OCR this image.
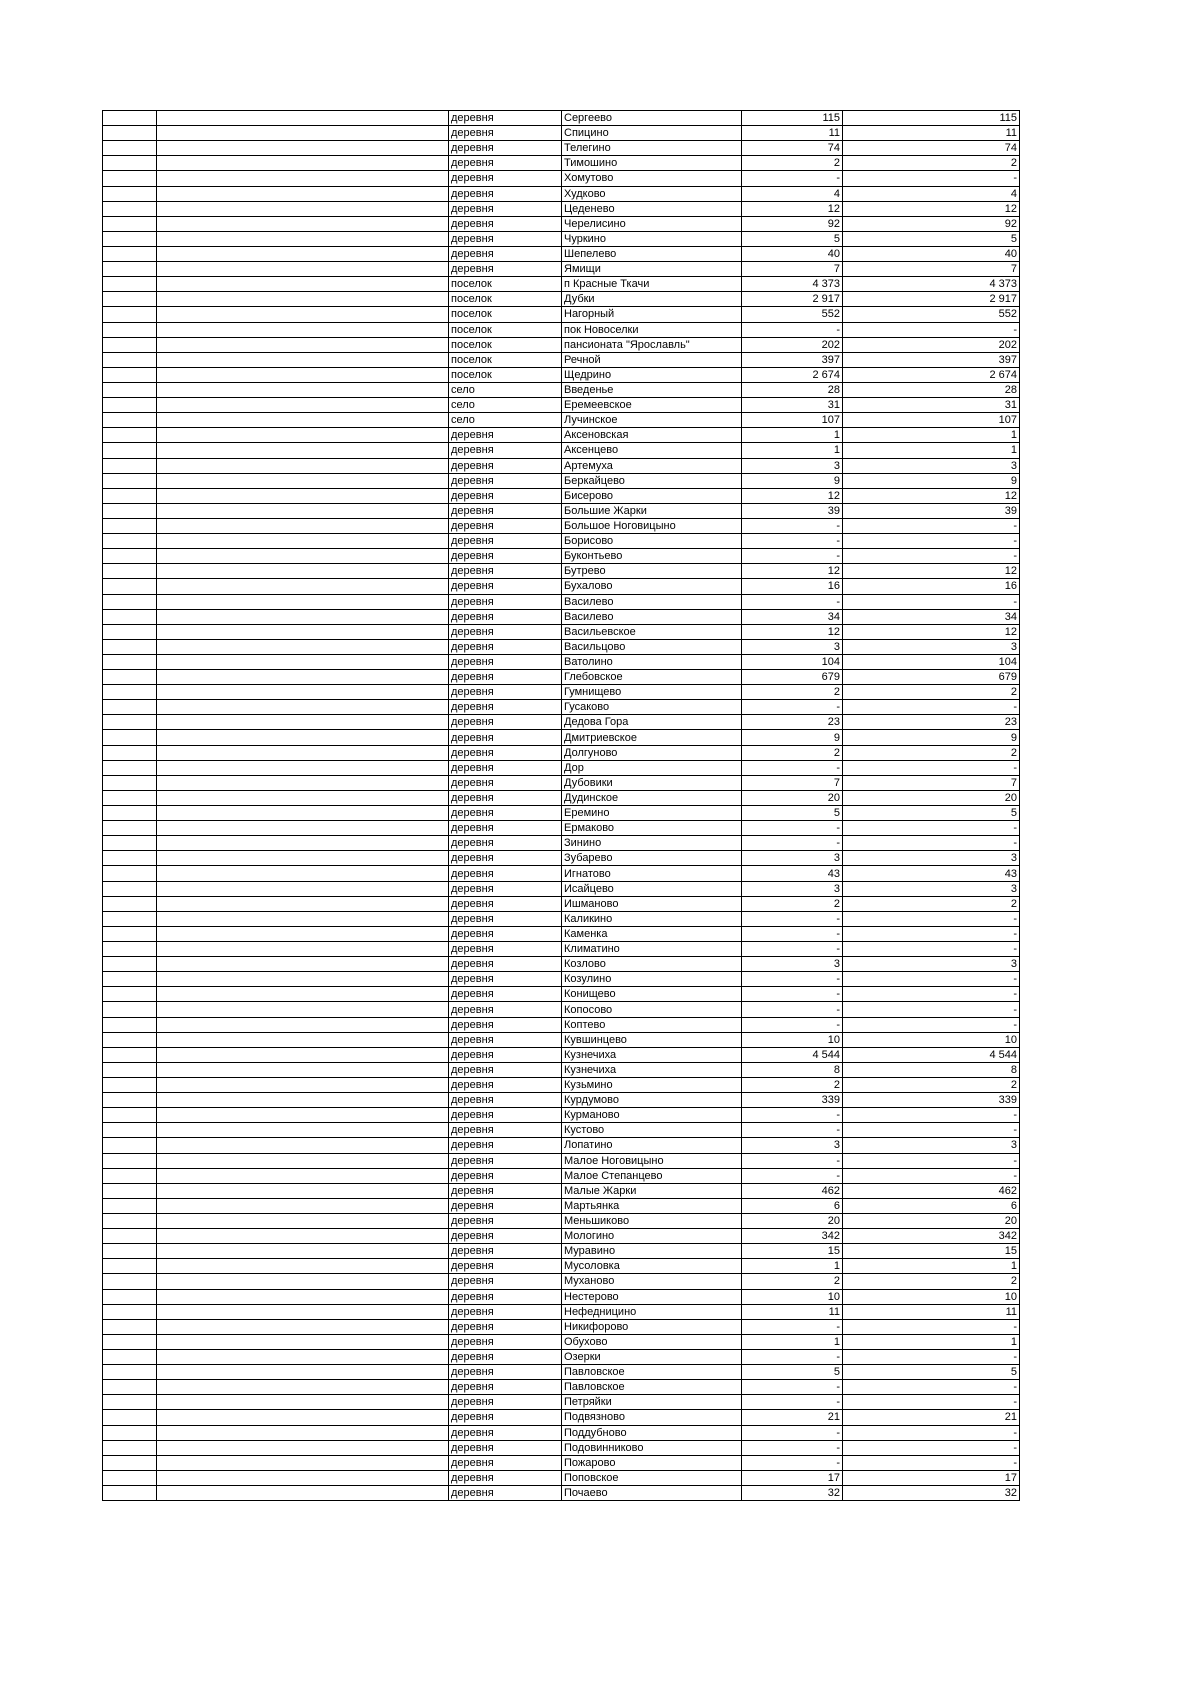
		деревня	Сергеево	115		115
		деревня	Спицино	11		11
		деревня	Телегино	74		74
		деревня	Тимошино	2		2
		деревня	Хомутово	-		-
		деревня	Худково	4		4
		деревня	Цеденево	12		12
		деревня	Черелисино	92		92
		деревня	Чуркино	5		5
		деревня	Шепелево	40		40
		деревня	Ямищи	7		7
		поселок	п Красные Ткачи	4 373		4 373
		поселок	Дубки	2 917		2 917
		поселок	Нагорный	552		552
		поселок	пок Новоселки	-		-
		поселок	пансионата "Ярославль"	202		202
		поселок	Речной	397		397
		поселок	Щедрино	2 674		2 674
		село	Введенье	28		28
		село	Еремеевское	31		31
		село	Лучинское	107		107
		деревня	Аксеновская	1		1
		деревня	Аксенцево	1		1
		деревня	Артемуха	3		3
		деревня	Беркайцево	9		9
		деревня	Бисерово	12		12
		деревня	Большие Жарки	39		39
		деревня	Большое Ноговицыно	-		-
		деревня	Борисово	-		-
		деревня	Буконтьево	-		-
		деревня	Бутрево	12		12
		деревня	Бухалово	16		16
		деревня	Василево	-		-
		деревня	Василево	34		34
		деревня	Васильевское	12		12
		деревня	Васильцово	3		3
		деревня	Ватолино	104		104
		деревня	Глебовское	679		679
		деревня	Гумнищево	2		2
		деревня	Гусаково	-		-
		деревня	Дедова Гора	23		23
		деревня	Дмитриевское	9		9
		деревня	Долгуново	2		2
		деревня	Дор	-		-
		деревня	Дубовики	7		7
		деревня	Дудинское	20		20
		деревня	Еремино	5		5
		деревня	Ермаково	-		-
		деревня	Зинино	-		-
		деревня	Зубарево	3		3
		деревня	Игнатово	43		43
		деревня	Исайцево	3		3
		деревня	Ишманово	2		2
		деревня	Каликино	-		-
		деревня	Каменка	-		-
		деревня	Климатино	-		-
		деревня	Козлово	3		3
		деревня	Козулино	-		-
		деревня	Конищево	-		-
		деревня	Копосово	-		-
		деревня	Коптево	-		-
		деревня	Кувшинцево	10		10
		деревня	Кузнечиха	4 544		4 544
		деревня	Кузнечиха	8		8
		деревня	Кузьмино	2		2
		деревня	Курдумово	339		339
		деревня	Курманово	-		-
		деревня	Кустово	-		-
		деревня	Лопатино	3		3
		деревня	Малое Ноговицыно	-		-
		деревня	Малое Степанцево	-		-
		деревня	Малые Жарки	462		462
		деревня	Мартьянка	6		6
		деревня	Меньшиково	20		20
		деревня	Мологино	342		342
		деревня	Муравино	15		15
		деревня	Мусоловка	1		1
		деревня	Муханово	2		2
		деревня	Нестерово	10		10
		деревня	Нефедницино	11		11
		деревня	Никифорово	-		-
		деревня	Обухово	1		1
		деревня	Озерки	-		-
		деревня	Павловское	5		5
		деревня	Павловское	-		-
		деревня	Петряйки	-		-
		деревня	Подвязново	21		21
		деревня	Поддубново	-		-
		деревня	Подовинниково	-		-
		деревня	Пожарово	-		-
		деревня	Поповское	17		17
		деревня	Почаево	32		32
